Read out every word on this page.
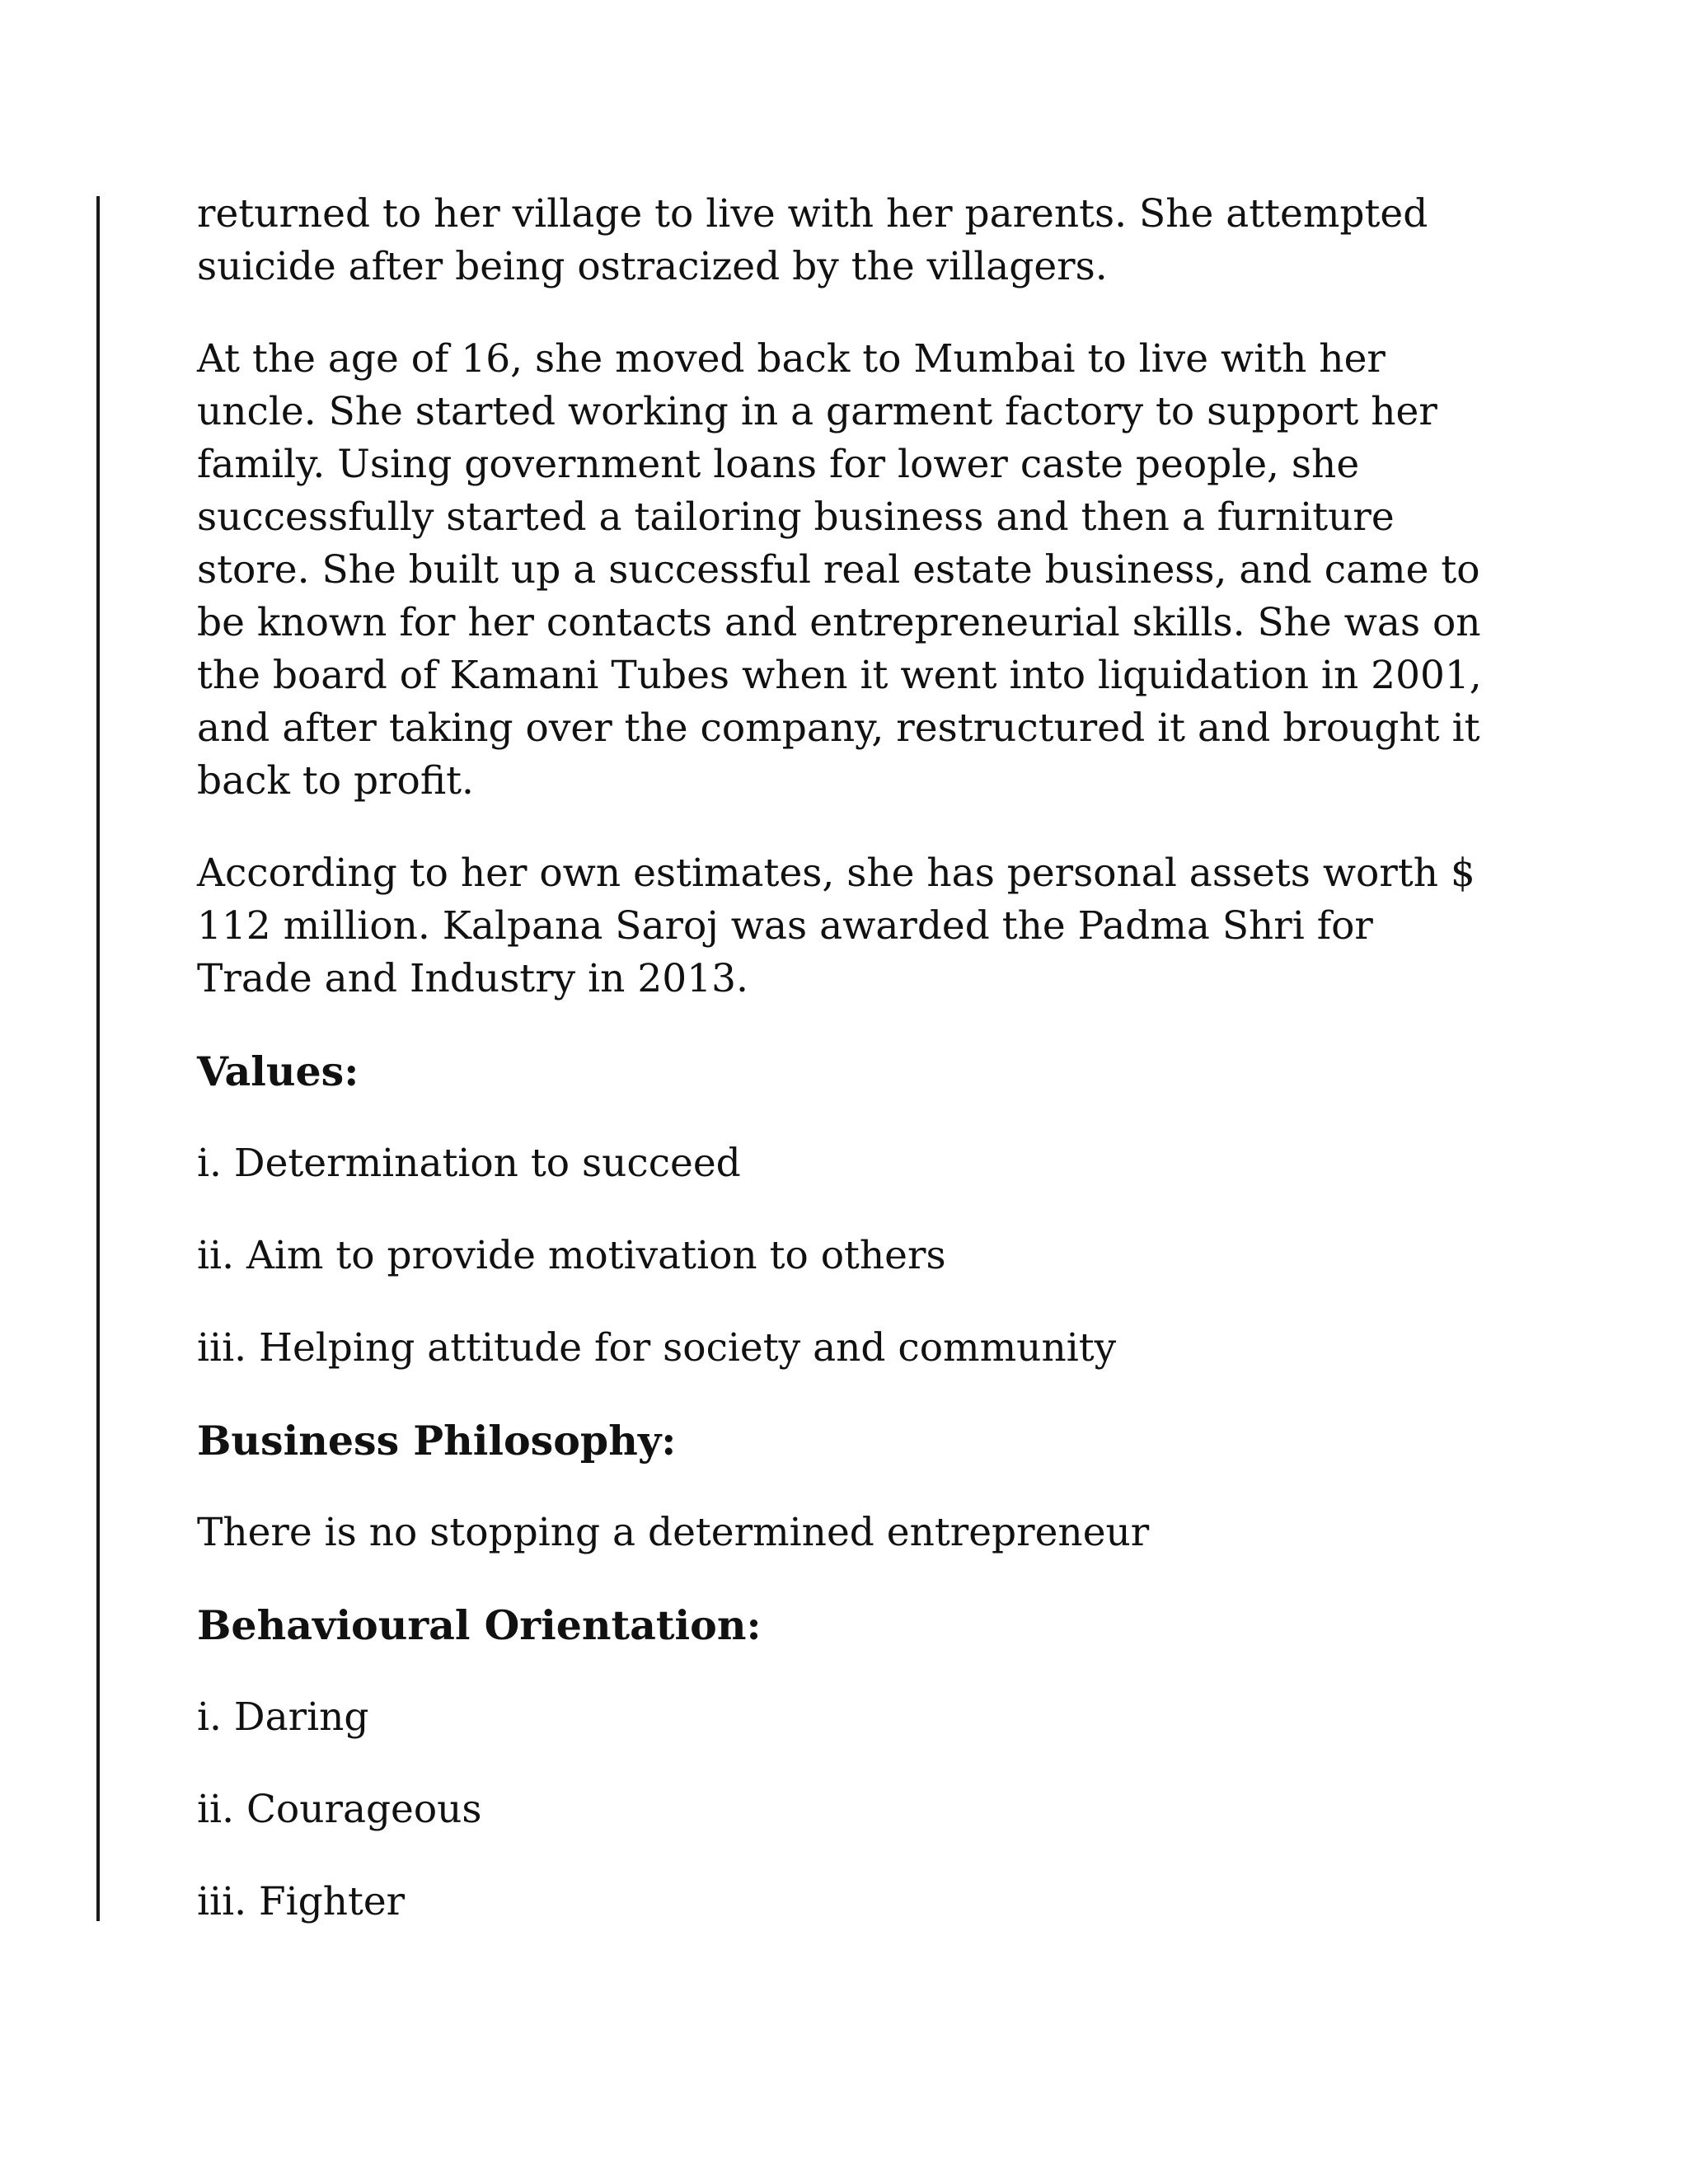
returned to her village to live with her parents. She attempted suicide after being ostracized by the villagers.

At the age of 16, she moved back to Mumbai to live with her uncle. She started working in a garment factory to support her family. Using government loans for lower caste people, she successfully started a tailoring business and then a furniture store. She built up a successful real estate business, and came to be known for her contacts and entrepreneurial skills. She was on the board of Kamani Tubes when it went into liquidation in 2001, and after taking over the company, restructured it and brought it back to profit.

According to her own estimates, she has personal assets worth $ 112 million. Kalpana Saroj was awarded the Padma Shri for Trade and Industry in 2013.

Values:

i. Determination to succeed

ii. Aim to provide motivation to others

iii. Helping attitude for society and community

Business Philosophy:

There is no stopping a determined entrepreneur

Behavioural Orientation:

i. Daring

ii. Courageous

iii. Fighter
